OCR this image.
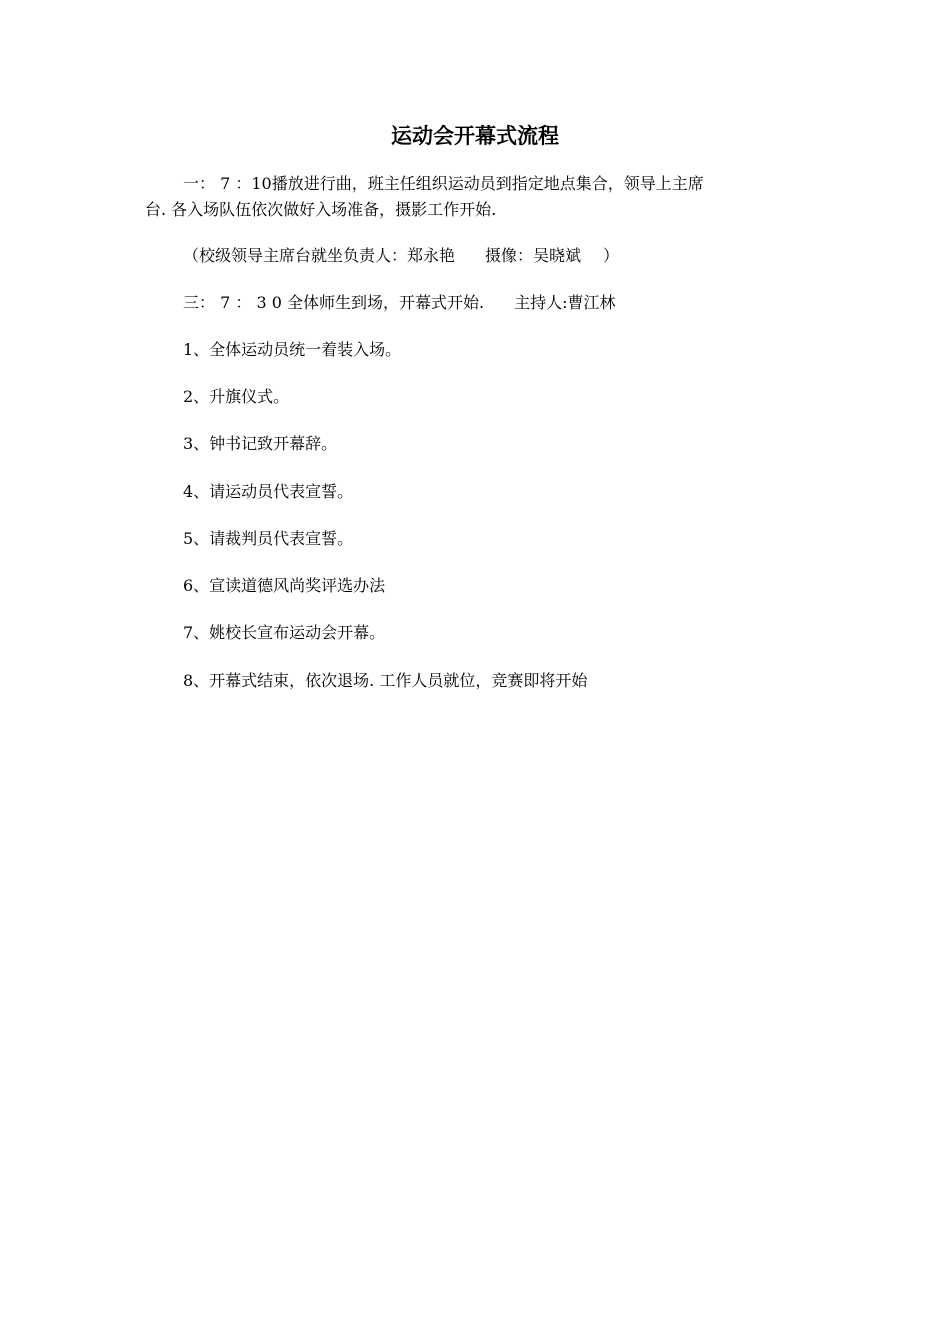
运动会开幕式流程
一： 7 ：10播放进行曲，班主任组织运动员到指定地点集合，领导上主席
台. 各入场队伍依次做好入场准备，摄影工作开始.
（校级领导主席台就坐负责人：郑永艳 摄像：吴晓斌 ）
三： 7 ： 3 0 全体师生到场，开幕式开始. 主持人:曹江林
1、全体运动员统一着装入场。
2、升旗仪式。
3、钟书记致开幕辞。
4、请运动员代表宣誓。
5、请裁判员代表宣誓。
6、宣读道德风尚奖评选办法
7、姚校长宣布运动会开幕。
8、开幕式结束，依次退场. 工作人员就位，竞赛即将开始
